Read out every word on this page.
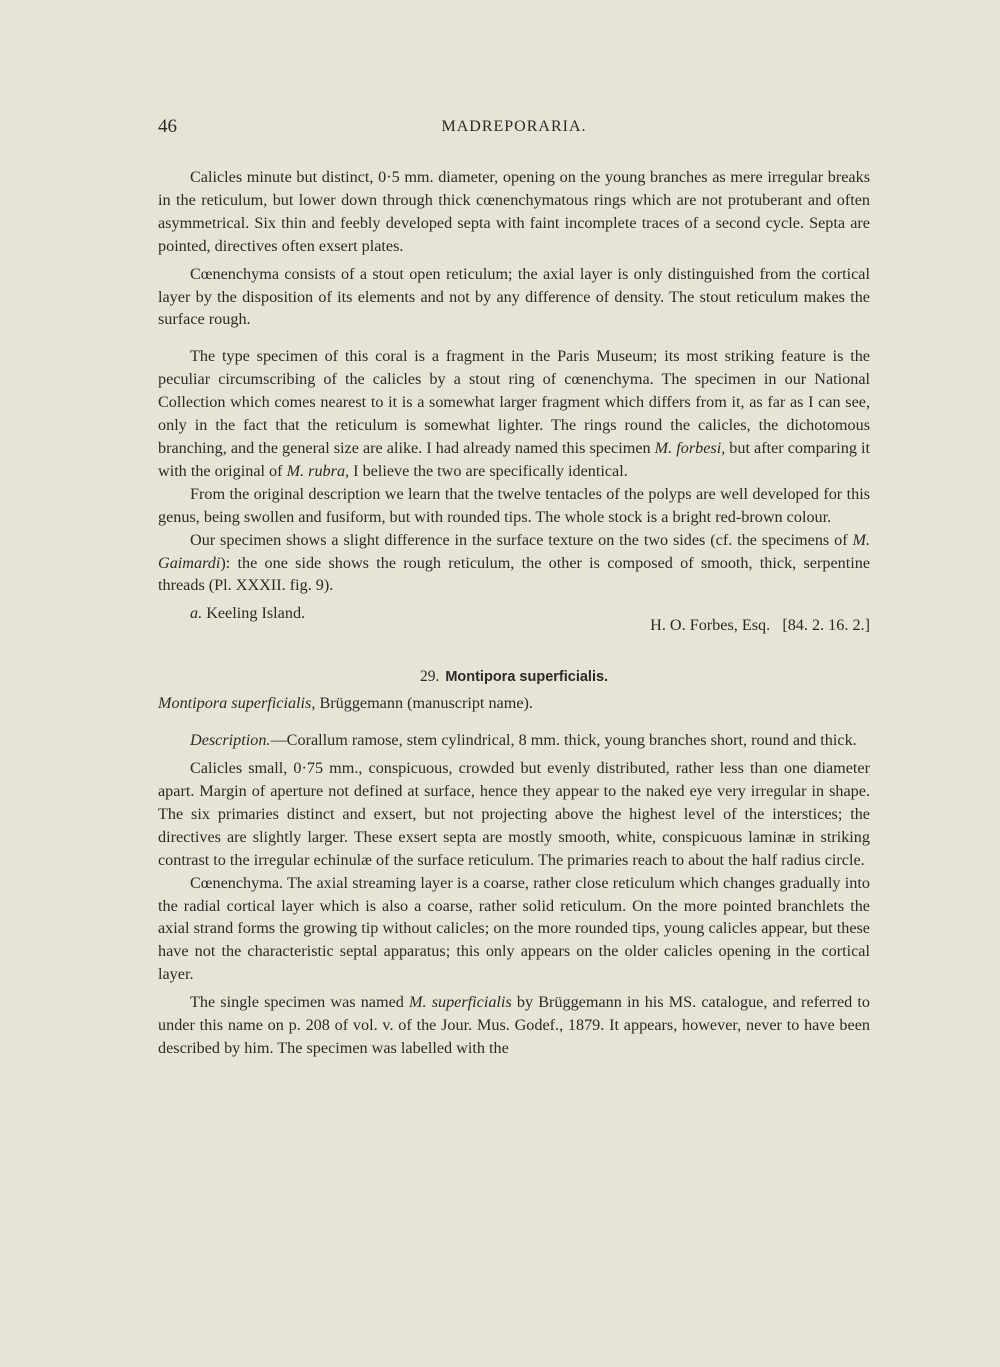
46	MADREPORARIA.

Calicles minute but distinct, 0·5 mm. diameter, opening on the young branches as mere irregular breaks in the reticulum, but lower down through thick cœnenchymatous rings which are not protuberant and often asymmetrical. Six thin and feebly developed septa with faint incomplete traces of a second cycle. Septa are pointed, directives often exsert plates.

Cœnenchyma consists of a stout open reticulum; the axial layer is only distinguished from the cortical layer by the disposition of its elements and not by any difference of density. The stout reticulum makes the surface rough.

The type specimen of this coral is a fragment in the Paris Museum; its most striking feature is the peculiar circumscribing of the calicles by a stout ring of cœnenchyma. The specimen in our National Collection which comes nearest to it is a somewhat larger fragment which differs from it, as far as I can see, only in the fact that the reticulum is somewhat lighter. The rings round the calicles, the dichotomous branching, and the general size are alike. I had already named this specimen M. forbesi, but after comparing it with the original of M. rubra, I believe the two are specifically identical.

From the original description we learn that the twelve tentacles of the polyps are well developed for this genus, being swollen and fusiform, but with rounded tips. The whole stock is a bright red-brown colour.

Our specimen shows a slight difference in the surface texture on the two sides (cf. the specimens of M. Gaimardi): the one side shows the rough reticulum, the other is composed of smooth, thick, serpentine threads (Pl. XXXII. fig. 9).

a. Keeling Island.
H. O. Forbes, Esq. [84. 2. 16. 2.]
29. Montipora superficialis.

Montipora superficialis, Brüggemann (manuscript name).

Description.—Corallum ramose, stem cylindrical, 8 mm. thick, young branches short, round and thick.

Calicles small, 0·75 mm., conspicuous, crowded but evenly distributed, rather less than one diameter apart. Margin of aperture not defined at surface, hence they appear to the naked eye very irregular in shape. The six primaries distinct and exsert, but not projecting above the highest level of the interstices; the directives are slightly larger. These exsert septa are mostly smooth, white, conspicuous laminæ in striking contrast to the irregular echinulæ of the surface reticulum. The primaries reach to about the half radius circle.

Cœnenchyma. The axial streaming layer is a coarse, rather close reticulum which changes gradually into the radial cortical layer which is also a coarse, rather solid reticulum. On the more pointed branchlets the axial strand forms the growing tip without calicles; on the more rounded tips, young calicles appear, but these have not the characteristic septal apparatus; this only appears on the older calicles opening in the cortical layer.

The single specimen was named M. superficialis by Brüggemann in his MS. catalogue, and referred to under this name on p. 208 of vol. v. of the Jour. Mus. Godef., 1879. It appears, however, never to have been described by him. The specimen was labelled with the
